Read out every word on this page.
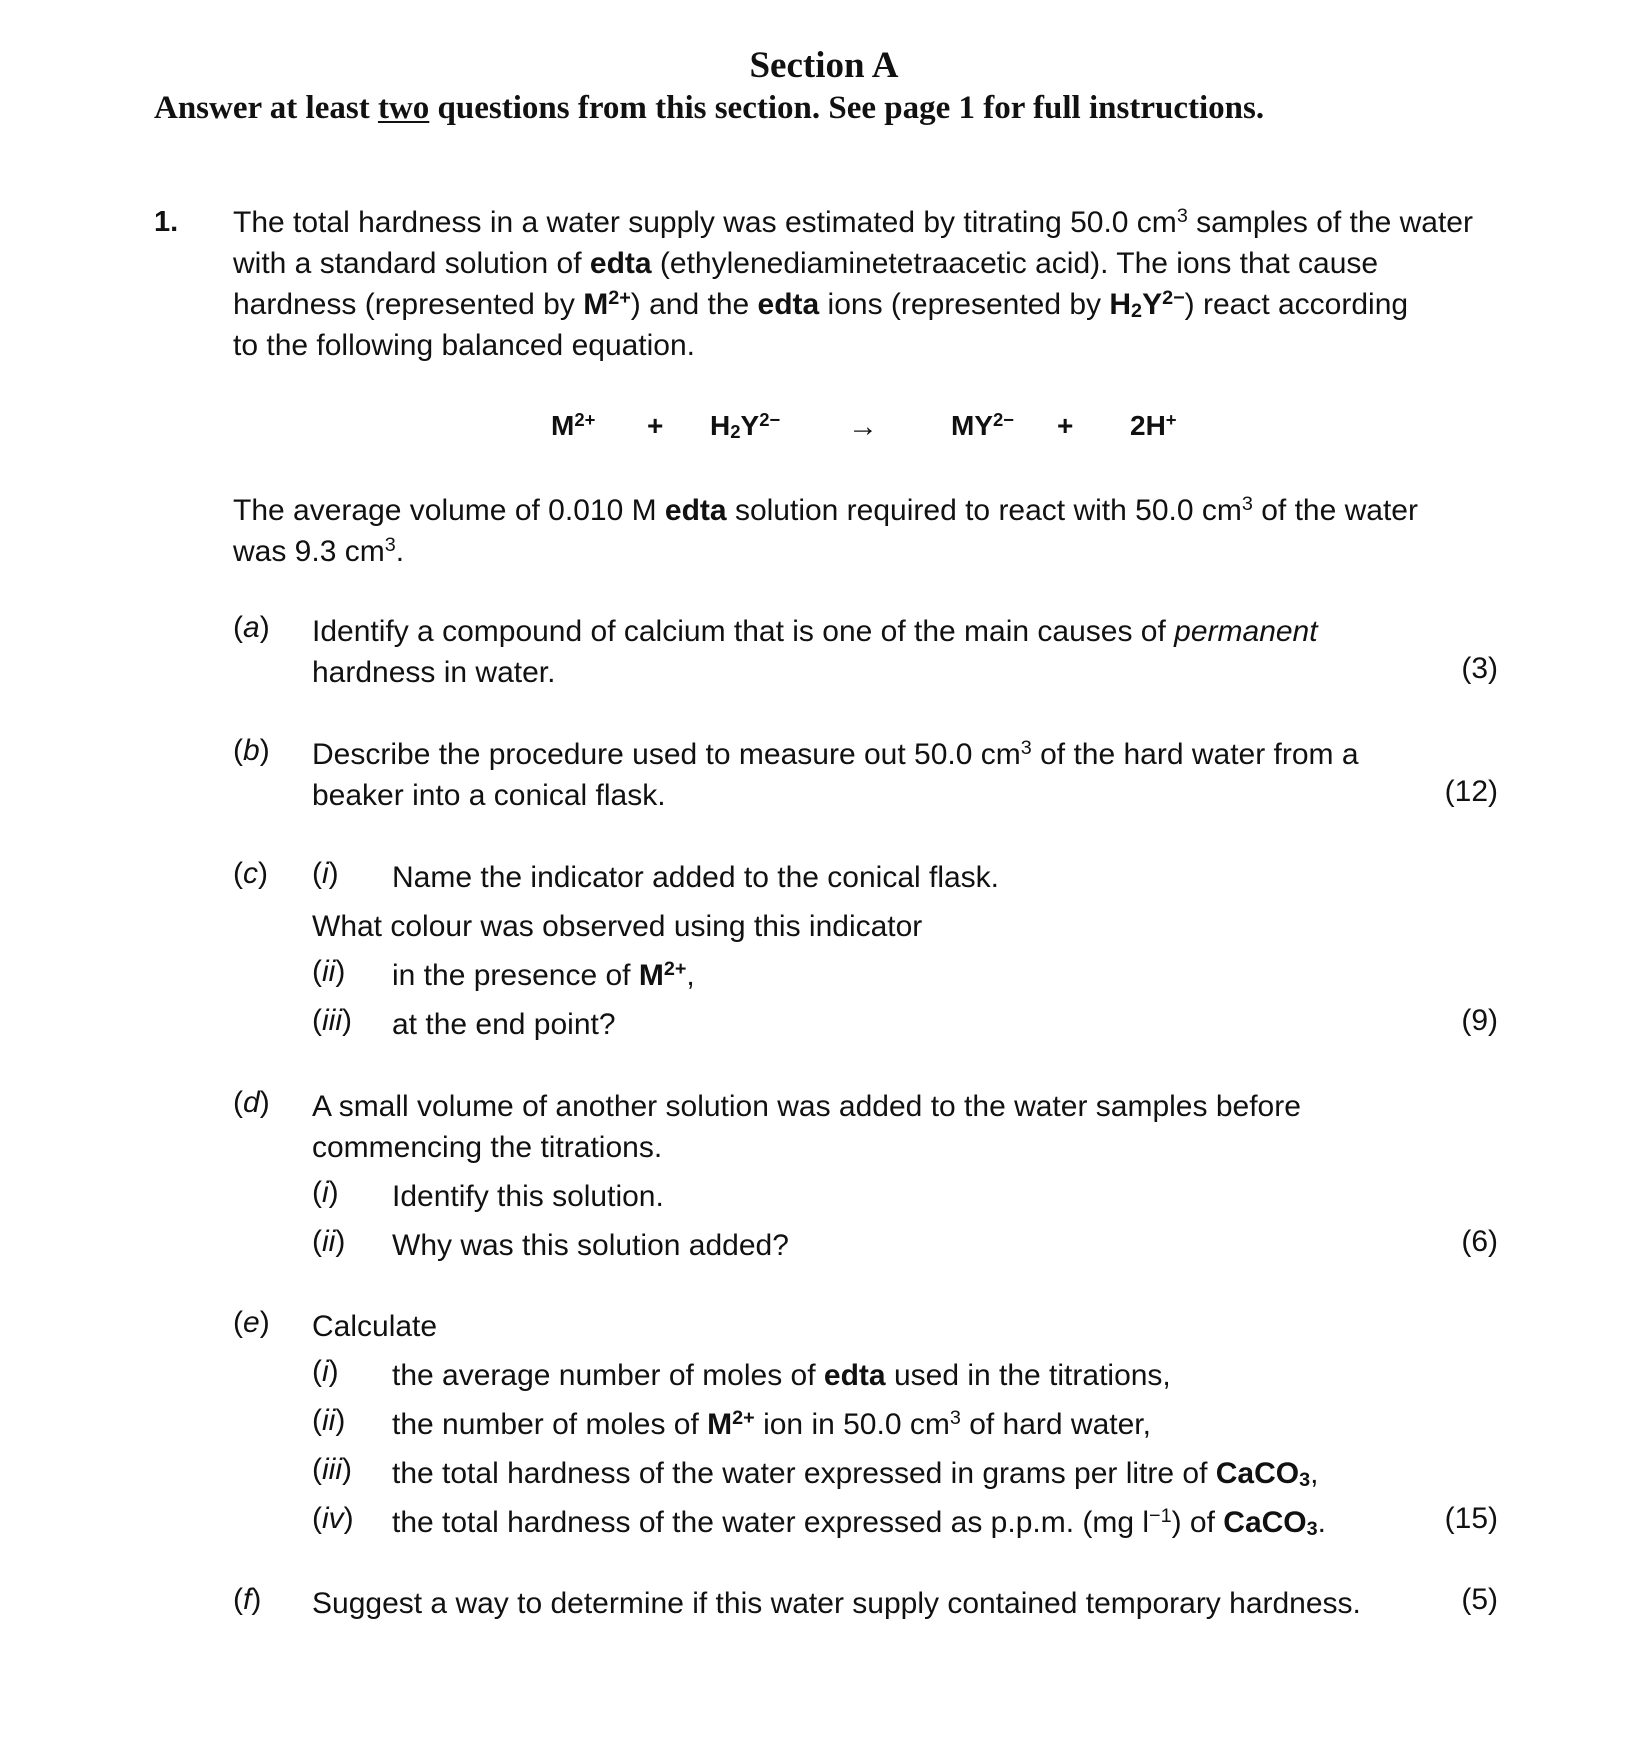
Section A
Answer at least two questions from this section. See page 1 for full instructions.
1. The total hardness in a water supply was estimated by titrating 50.0 $cm^3$ samples of the water
with a standard solution of edta (ethylenediaminetetraacetic acid). The ions that cause
hardness (represented by $M^{2+}$) and the edta ions (represented by $H_2Y^{2-}$) react according
to the following balanced equation.
$M^{2+} + H_2Y^{2-}$ →	$MY^{2-} + 2H^+$
The average volume of 0.010 M edta solution required to react with 50.0 $cm^3$ of the water
was 9.3 $cm^3$.
(a) Identify a compound of calcium that is one of the main causes of permanent
hardness in water.	(3)
(b) Describe the procedure used to measure out 50.0 $cm^3$ of the hard water from a
beaker into a conical flask.	(12)
(c) (i) Name the indicator added to the conical flask.
What colour was observed using this indicator
(ii) in the presence of $M^{2+}$,
(iii) at the end point?	(9)
(d) A small volume of another solution was added to the water samples before
commencing the titrations.
(i) Identify this solution.
(ii) Why was this solution added?	(6)
(e) Calculate
(i) the average number of moles of edta used in the titrations,
(ii) the number of moles of $M^{2+}$ ion in 50.0 $cm^3$ of hard water,
(iii) the total hardness of the water expressed in grams per litre of CaCO$_3$,
(iv) the total hardness of the water expressed as p.p.m. (mg $l^{-1}$) of CaCO$_3$.	(15)
(f) Suggest a way to determine if this water supply contained temporary hardness.	(5)
